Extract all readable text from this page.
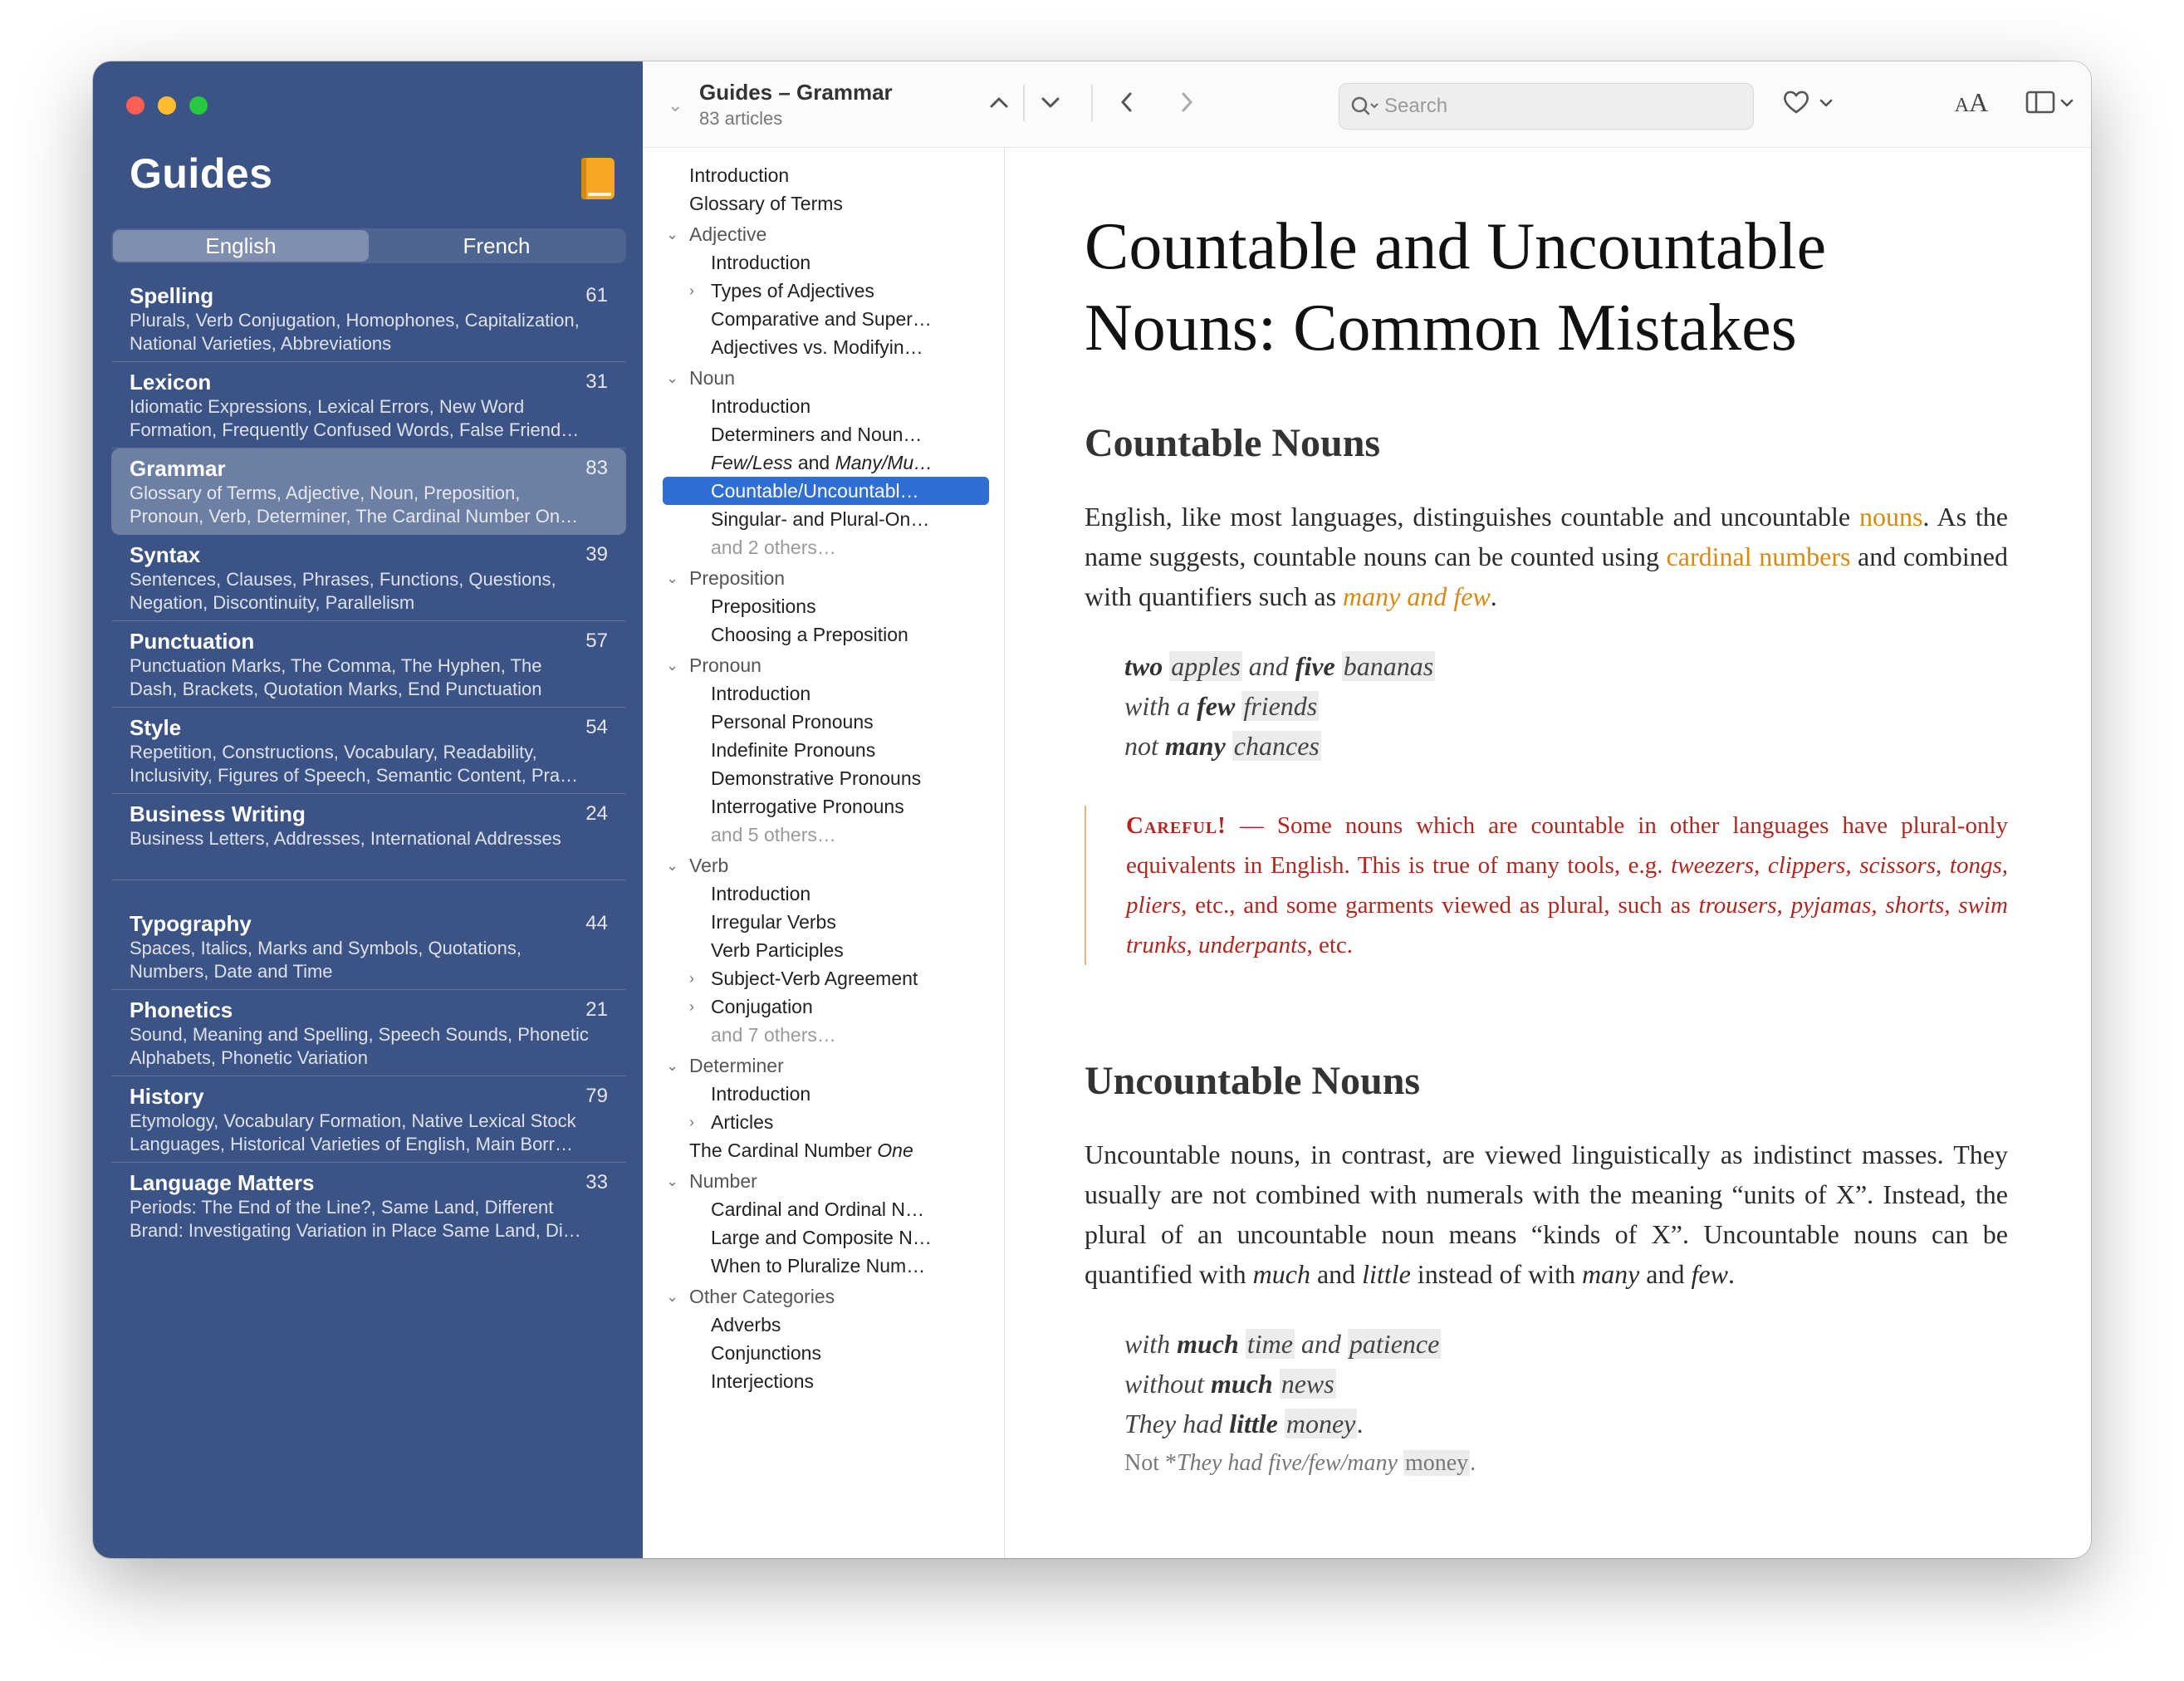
Guides
English	French
Spelling	61
Plurals, Verb Conjugation, Homophones, Capitalization, National Varieties, Abbreviations
Lexicon	31
Idiomatic Expressions, Lexical Errors, New Word Formation, Frequently Confused Words, False Friend…
Grammar	83
Glossary of Terms, Adjective, Noun, Preposition, Pronoun, Verb, Determiner, The Cardinal Number On…
Syntax	39
Sentences, Clauses, Phrases, Functions, Questions, Negation, Discontinuity, Parallelism
Punctuation	57
Punctuation Marks, The Comma, The Hyphen, The Dash, Brackets, Quotation Marks, End Punctuation
Style	54
Repetition, Constructions, Vocabulary, Readability, Inclusivity, Figures of Speech, Semantic Content, Pra…
Business Writing	24
Business Letters, Addresses, International Addresses
Typography	44
Spaces, Italics, Marks and Symbols, Quotations, Numbers, Date and Time
Phonetics	21
Sound, Meaning and Spelling, Speech Sounds, Phonetic Alphabets, Phonetic Variation
History	79
Etymology, Vocabulary Formation, Native Lexical Stock Languages, Historical Varieties of English, Main Borr…
Language Matters	33
Periods: The End of the Line?, Same Land, Different Brand: Investigating Variation in Place Same Land, Di…
⌄
Guides – Grammar
83 articles
Search
AA
Introduction
Glossary of Terms
⌄ Adjective
Introduction
› Types of Adjectives
Comparative and Super…
Adjectives vs. Modifyin…
⌄ Noun
Introduction
Determiners and Noun…
Few/Less and Many/Mu…
Countable/Uncountabl…
Singular- and Plural-On…
and 2 others…
⌄ Preposition
Prepositions
Choosing a Preposition
⌄ Pronoun
Introduction
Personal Pronouns
Indefinite Pronouns
Demonstrative Pronouns
Interrogative Pronouns
and 5 others…
⌄ Verb
Introduction
Irregular Verbs
Verb Participles
› Subject-Verb Agreement
› Conjugation
and 7 others…
⌄ Determiner
Introduction
› Articles
The Cardinal Number One
⌄ Number
Cardinal and Ordinal N…
Large and Composite N…
When to Pluralize Num…
⌄ Other Categories
Adverbs
Conjunctions
Interjections
Countable and Uncountable Nouns: Common Mistakes
Countable Nouns

English, like most languages, distinguishes countable and uncountable nouns. As the name suggests, countable nouns can be counted using cardinal numbers and combined with quantifiers such as many and few.

two apples and five bananas
with a few friends
not many chances
Careful! — Some nouns which are countable in other languages have plural-only equivalents in English. This is true of many tools, e.g. tweezers, clippers, scissors, tongs, pliers, etc., and some garments viewed as plural, such as trousers, pyjamas, shorts, swim trunks, underpants, etc.
Uncountable Nouns

Uncountable nouns, in contrast, are viewed linguistically as indistinct masses. They usually are not combined with numerals with the meaning “units of X”. Instead, the plural of an uncountable noun means “kinds of X”. Uncountable nouns can be quantified with much and little instead of with many and few.

with much time and patience
without much news
They had little money.
Not *They had five/few/many money.
